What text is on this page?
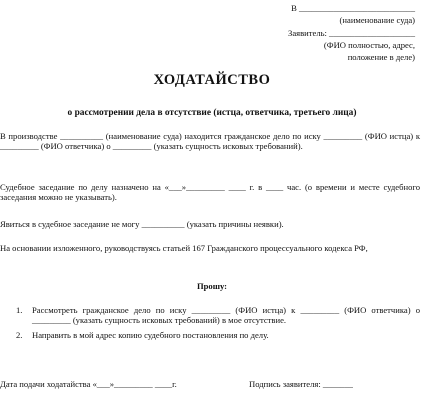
В ___________________________
(наименование суда)
Заявитель: ____________________
(ФИО полностью, адрес,
положение в деле)
ХОДАТАЙСТВО
о рассмотрении дела в отсутствие (истца, ответчика, третьего лица)
В производстве __________ (наименование суда) находится гражданское дело по иску _________ (ФИО истца) к _________ (ФИО ответчика) о _________ (указать сущность исковых требований).
Судебное заседание по делу назначено на «___»_________ ____ г. в ____ час. (о времени и месте судебного заседания можно не указывать).
Явиться в судебное заседание не могу __________ (указать причины неявки).
На основании изложенного, руководствуясь статьей 167 Гражданского процессуального кодекса РФ,
Прошу:
1. Рассмотреть гражданское дело по иску _________ (ФИО истца) к _________ (ФИО ответчика) о _________ (указать сущность исковых требований) в мое отсутствие.
2. Направить в мой адрес копию судебного постановления по делу.
Дата подачи ходатайства «___»_________ ____г.	Подпись заявителя: _______
